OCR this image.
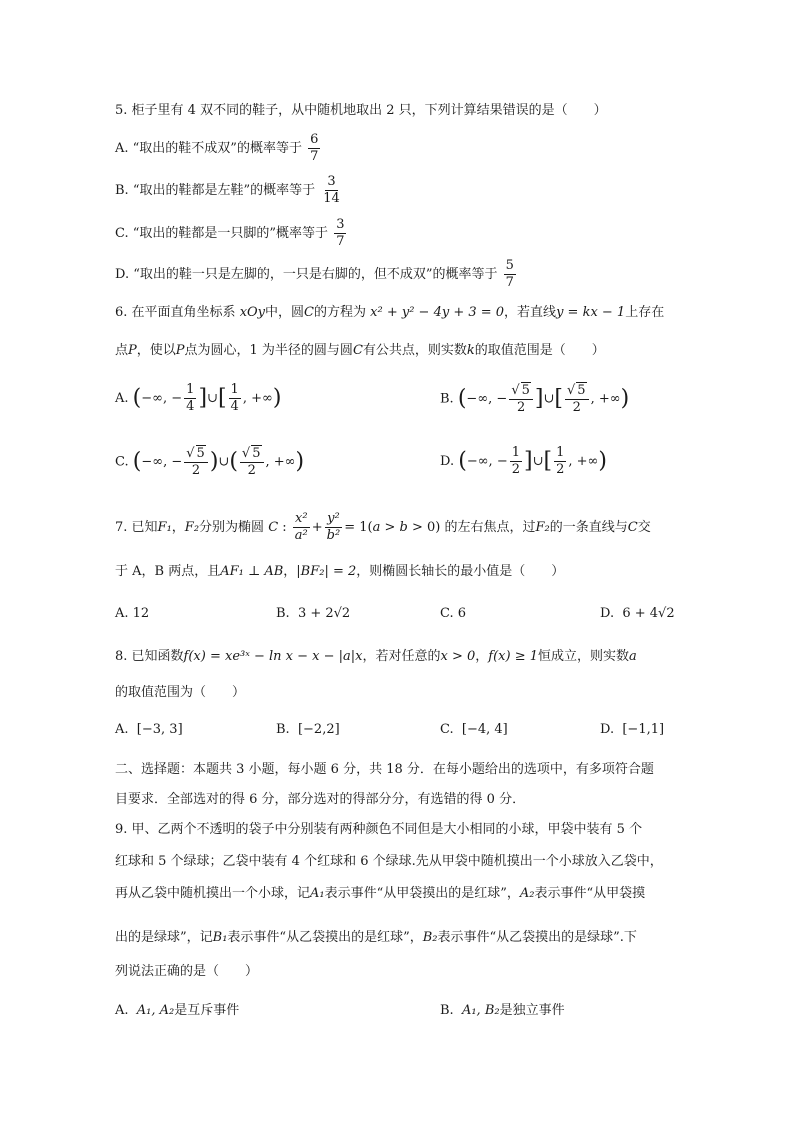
5. 柜子里有 4 双不同的鞋子，从中随机地取出 2 只，下列计算结果错误的是（　　）
A. “取出的鞋不成双”的概率等于 $\frac{6}{7}$
B. “取出的鞋都是左鞋”的概率等于 $\frac{3}{14}$
C. “取出的鞋都是一只脚的”概率等于 $\frac{3}{7}$
D. “取出的鞋一只是左脚的，一只是右脚的，但不成双”的概率等于 $\frac{5}{7}$
6. 在平面直角坐标系 xOy中，圆C的方程为 x² + y² − 4y + 3 = 0，若直线y = kx − 1上存在
点P，使以P点为圆心，1 为半径的圆与圆C有公共点，则实数k的取值范围是（　　）
A. (−∞, − $\frac{1}{4}$ ]∪[ $\frac{1}{4}$ , +∞)	B. (−∞, − $\frac{√ 5}{2}$ ]∪[ $\frac{√ 5}{2}$ , +∞)
C. (−∞, − $\frac{√ 5}{2}$ )∪( $\frac{√ 5}{2}$ , +∞)	D. (−∞, − $\frac{1}{2}$ ]∪[ $\frac{1}{2}$ , +∞)
7. 已知F₁，F₂分别为椭圆 C : $\frac{\text{x²}}{\text{a²}} + \frac{\text{y²}}{\text{b²}} = 1(a > b > 0)$ 的左右焦点，过F₂的一条直线与C交
于 A，B 两点，且AF₁ ⊥ AB，|BF₂| = 2，则椭圆长轴长的最小值是（　　）
A. 12	B. 3 + 2√2	C. 6	D. 6 + 4√2
8. 已知函数f(x) = xe³ˣ − ln x − x − |a|x，若对任意的x > 0，f(x) ≥ 1恒成立，则实数a
的取值范围为（　　）
A. [−3, 3]	B. [−2,2]	C. [−4, 4]	D. [−1,1]
二、选择题：本题共 3 小题，每小题 6 分，共 18 分．在每小题给出的选项中，有多项符合题
目要求．全部选对的得 6 分，部分选对的得部分分，有选错的得 0 分．
9. 甲、乙两个不透明的袋子中分别装有两种颜色不同但是大小相同的小球，甲袋中装有 5 个
红球和 5 个绿球；乙袋中装有 4 个红球和 6 个绿球.先从甲袋中随机摸出一个小球放入乙袋中，
再从乙袋中随机摸出一个小球，记A₁表示事件“从甲袋摸出的是红球”，A₂表示事件“从甲袋摸
出的是绿球”，记B₁表示事件“从乙袋摸出的是红球”，B₂表示事件“从乙袋摸出的是绿球”.下
列说法正确的是（　　）
A. A₁, A₂是互斥事件	B. A₁, B₂是独立事件
